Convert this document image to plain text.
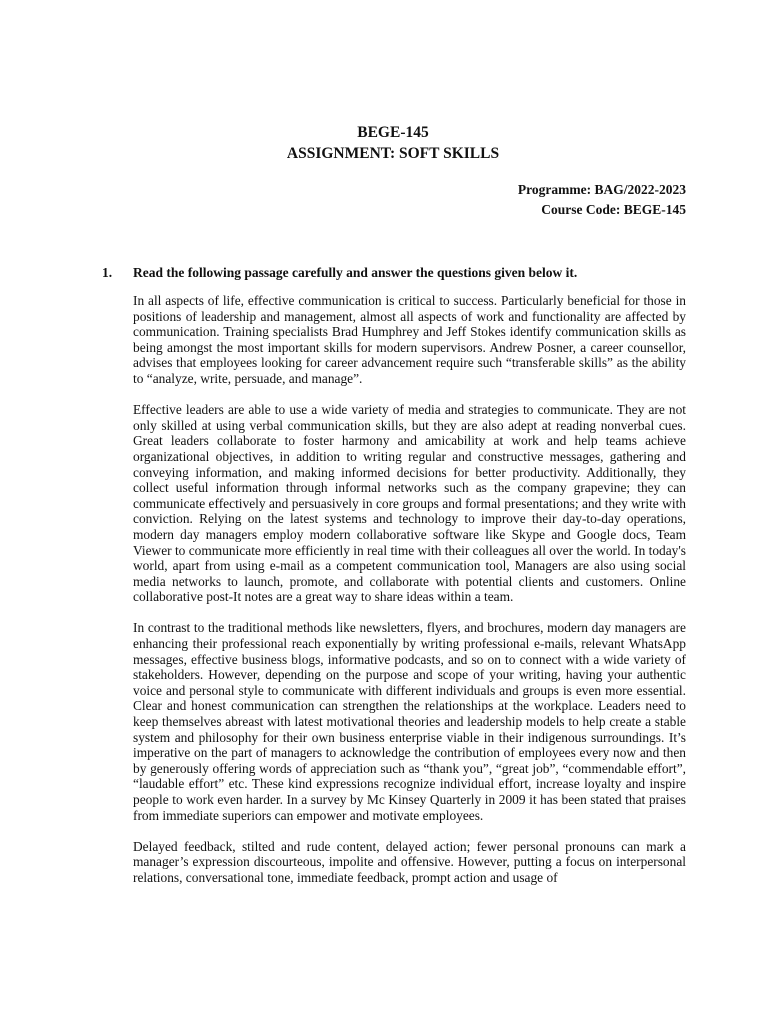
BEGE-145
ASSIGNMENT: SOFT SKILLS
Programme: BAG/2022-2023
Course Code: BEGE-145
1. Read the following passage carefully and answer the questions given below it.

In all aspects of life, effective communication is critical to success. Particularly beneficial for those in positions of leadership and management, almost all aspects of work and functionality are affected by communication. Training specialists Brad Humphrey and Jeff Stokes identify communication skills as being amongst the most important skills for modern supervisors. Andrew Posner, a career counsellor, advises that employees looking for career advancement require such “transferable skills” as the ability to “analyze, write, persuade, and manage”.

Effective leaders are able to use a wide variety of media and strategies to communicate. They are not only skilled at using verbal communication skills, but they are also adept at reading nonverbal cues. Great leaders collaborate to foster harmony and amicability at work and help teams achieve organizational objectives, in addition to writing regular and constructive messages, gathering and conveying information, and making informed decisions for better productivity. Additionally, they collect useful information through informal networks such as the company grapevine; they can communicate effectively and persuasively in core groups and formal presentations; and they write with conviction. Relying on the latest systems and technology to improve their day-to-day operations, modern day managers employ modern collaborative software like Skype and Google docs, Team Viewer to communicate more efficiently in real time with their colleagues all over the world. In today's world, apart from using e-mail as a competent communication tool, Managers are also using social media networks to launch, promote, and collaborate with potential clients and customers. Online collaborative post-It notes are a great way to share ideas within a team.

In contrast to the traditional methods like newsletters, flyers, and brochures, modern day managers are enhancing their professional reach exponentially by writing professional e-mails, relevant WhatsApp messages, effective business blogs, informative podcasts, and so on to connect with a wide variety of stakeholders. However, depending on the purpose and scope of your writing, having your authentic voice and personal style to communicate with different individuals and groups is even more essential. Clear and honest communication can strengthen the relationships at the workplace. Leaders need to keep themselves abreast with latest motivational theories and leadership models to help create a stable system and philosophy for their own business enterprise viable in their indigenous surroundings. It’s imperative on the part of managers to acknowledge the contribution of employees every now and then by generously offering words of appreciation such as “thank you”, “great job”, “commendable effort”, “laudable effort” etc. These kind expressions recognize individual effort, increase loyalty and inspire people to work even harder. In a survey by Mc Kinsey Quarterly in 2009 it has been stated that praises from immediate superiors can empower and motivate employees.

Delayed feedback, stilted and rude content, delayed action; fewer personal pronouns can mark a manager’s expression discourteous, impolite and offensive. However, putting a focus on interpersonal relations, conversational tone, immediate feedback, prompt action and usage of
